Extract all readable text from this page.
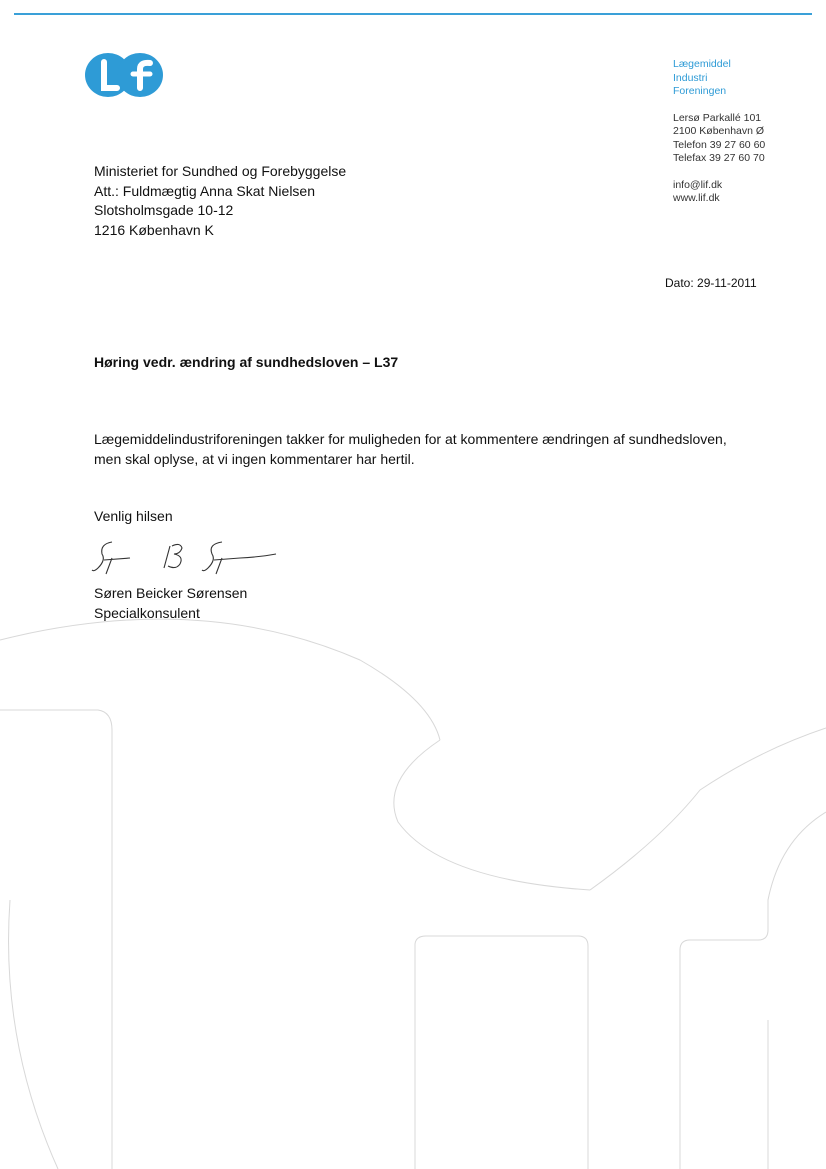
Lægemiddel
Industri
Foreningen
Lersø Parkallé 101
2100 København Ø
Telefon 39 27 60 60
Telefax 39 27 60 70
info@lif.dk
www.lif.dk
Ministeriet for Sundhed og Forebyggelse
Att.: Fuldmægtig Anna Skat Nielsen
Slotsholmsgade 10-12
1216 København K
Dato: 29-11-2011
Høring vedr. ændring af sundhedsloven – L37
Lægemiddelindustriforeningen takker for muligheden for at kommentere ændringen af sundhedsloven,
men skal oplyse, at vi ingen kommentarer har hertil.
Venlig hilsen
Søren Beicker Sørensen
Specialkonsulent
